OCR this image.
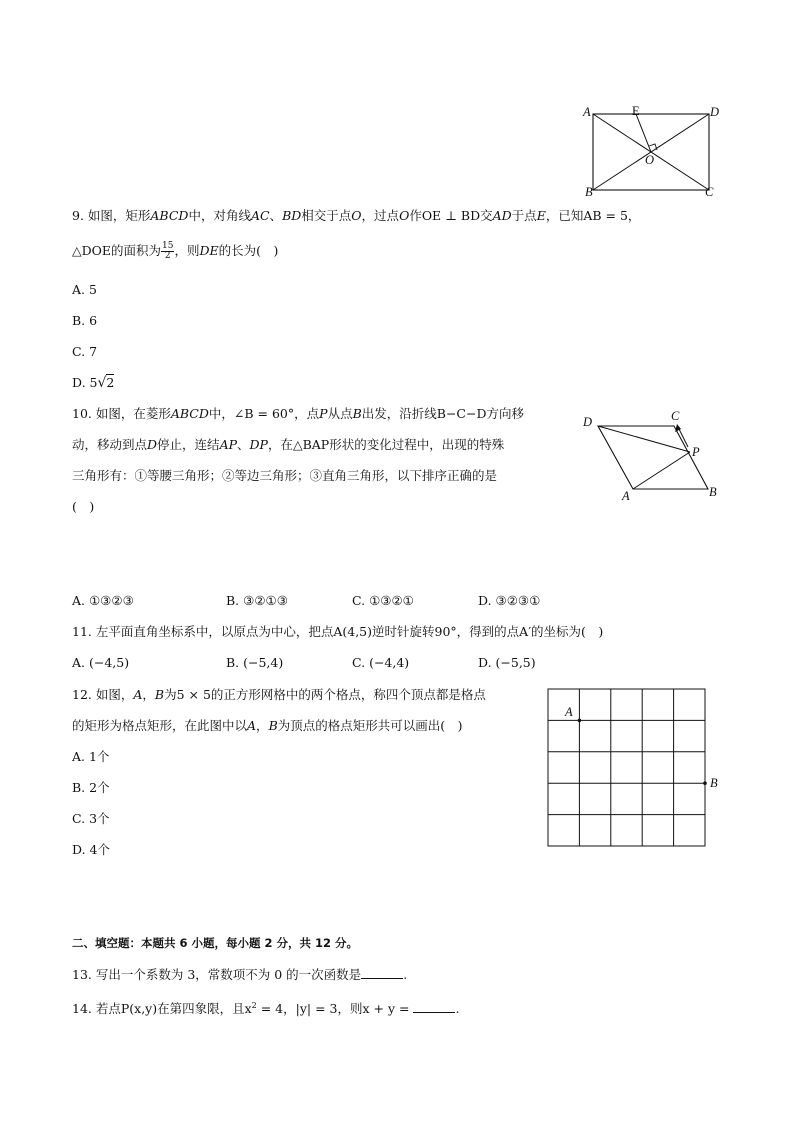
A	E	D
O
B	C
9. 如图，矩形ABCD中，对角线AC、BD相交于点O，过点O作OE ⊥ BD交AD于点E，已知AB = 5，
△DOE的面积为 $\frac{15}{2}$ ，则DE的长为(　)
A. 5
B. 6
C. 7
D. 5√2
D	C
P
A	B
10. 如图，在菱形ABCD中，∠B = 60°，点P从点B出发，沿折线B−C−D方向移
动，移动到点D停止，连结AP、DP，在△BAP形状的变化过程中，出现的特殊
三角形有：①等腰三角形；②等边三角形；③直角三角形，以下排序正确的是
(　)
A. ①③②③	B. ③②①③	C. ①③②①	D. ③②③①
11. 左平面直角坐标系中，以原点为中心，把点A(4,5)逆时针旋转90°，得到的点A′的坐标为(　)
A. (−4,5)	B. (−5,4)	C. (−4,4)	D. (−5,5)
A
B
12. 如图，A，B为5 × 5的正方形网格中的两个格点，称四个顶点都是格点
的矩形为格点矩形，在此图中以A，B为顶点的格点矩形共可以画出(　)
A. 1个
B. 2个
C. 3个
D. 4个
二、填空题：本题共 6 小题，每小题 2 分，共 12 分。
13. 写出一个系数为 3，常数项不为 0 的一次函数是	.
14. 若点P(x,y)在第四象限，且$x^2 = 4$，|y| = 3，则x + y =	.
